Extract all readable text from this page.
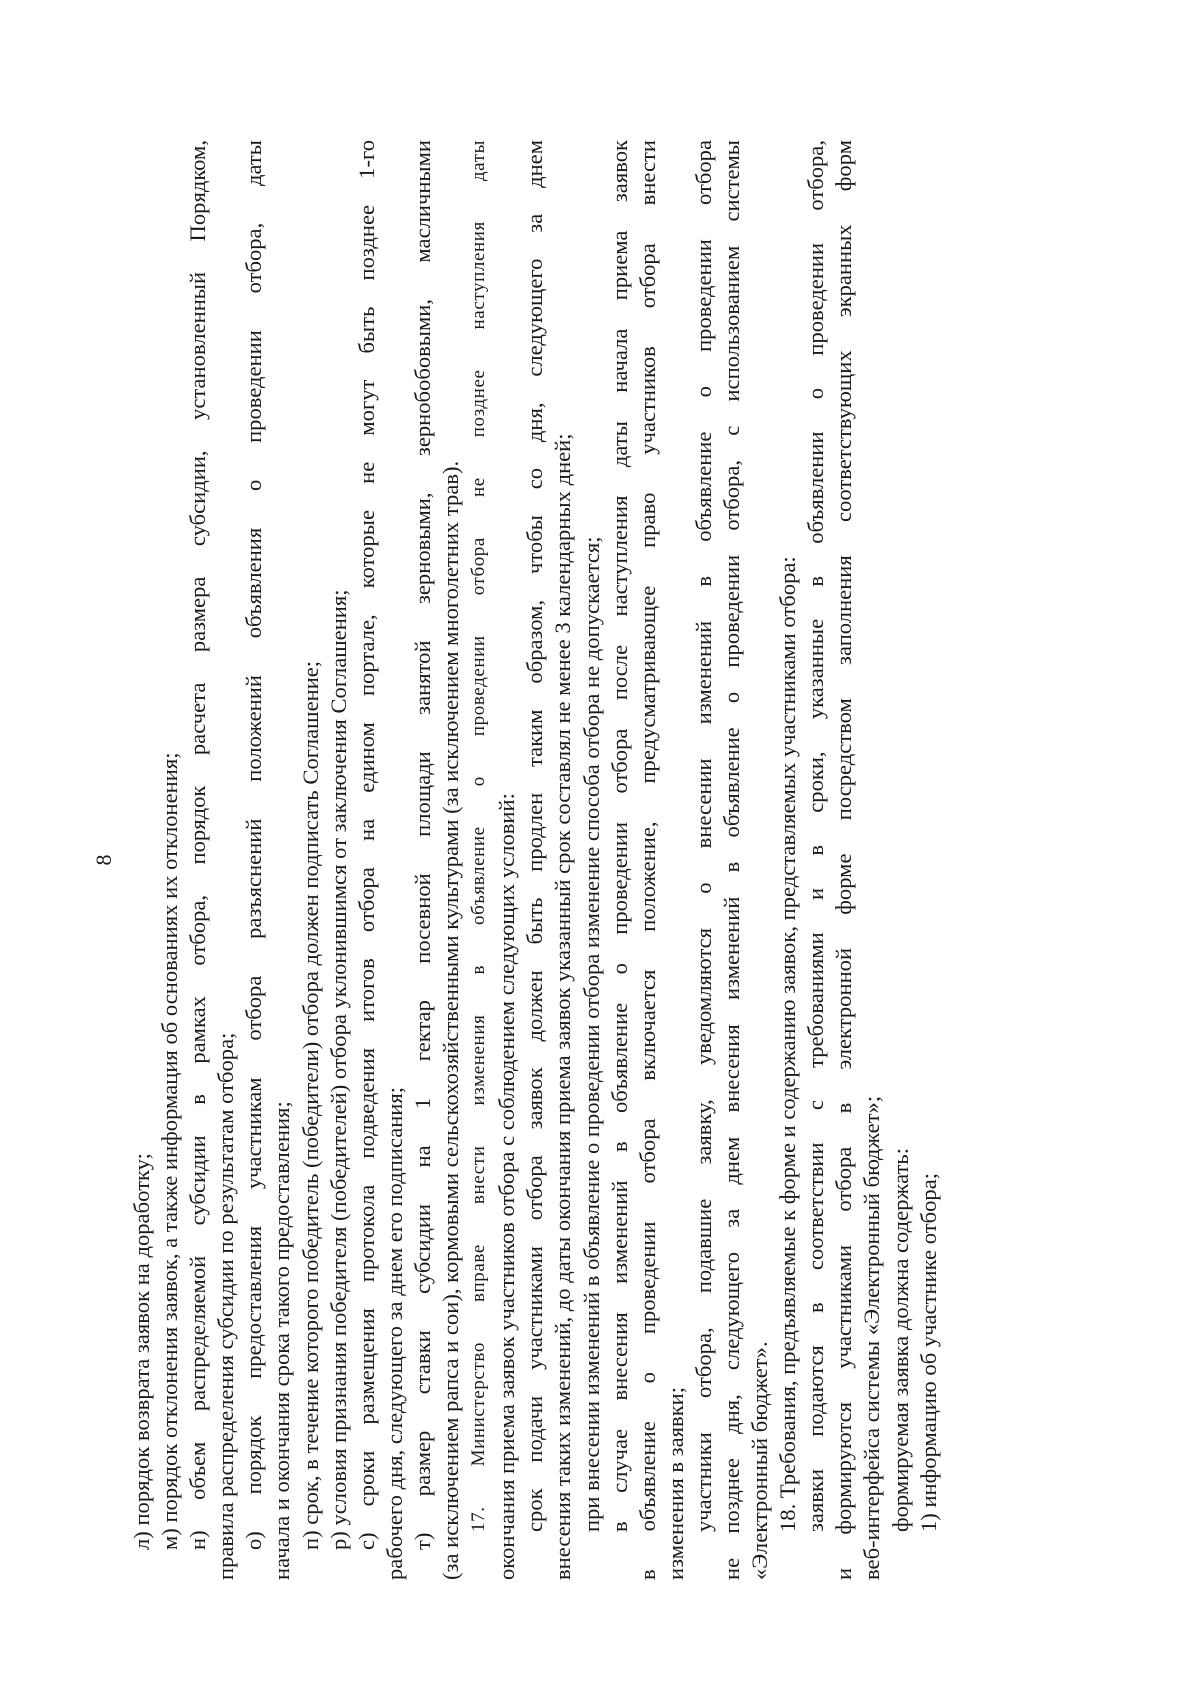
8
л) порядок возврата заявок на доработку; м) порядок отклонения заявок, а также информация об основаниях их отклонения; н) объем распределяемой субсидии в рамках отбора, порядок расчета размера субсидии, установленный Порядком, правила распределения субсидии по результатам отбора; о) порядок предоставления участникам отбора разъяснений положений объявления о проведении отбора, даты начала и окончания срока такого предоставления; п) срок, в течение которого победитель (победители) отбора должен подписать Соглашение; р) условия признания победителя (победителей) отбора уклонившимся от заключения Соглашения; с) сроки размещения протокола подведения итогов отбора на едином портале, которые не могут быть позднее 1-го рабочего дня, следующего за днем его подписания; т) размер ставки субсидии на 1 гектар посевной площади занятой зерновыми, зернобобовыми, масличными (за исключением рапса и сои), кормовыми сельскохозяйственными культурами (за исключением многолетних трав). 17. Министерство вправе внести изменения в объявление о проведении отбора не позднее наступления даты окончания приема заявок участников отбора с соблюдением следующих условий: срок подачи участниками отбора заявок должен быть продлен таким образом, чтобы со дня, следующего за днем внесения таких изменений, до даты окончания приема заявок указанный срок составлял не менее 3 календарных дней; при внесении изменений в объявление о проведении отбора изменение способа отбора не допускается; в случае внесения изменений в объявление о проведении отбора после наступления даты начала приема заявок в объявление о проведении отбора включается положение, предусматривающее право участников отбора внести изменения в заявки; участники отбора, подавшие заявку, уведомляются о внесении изменений в объявление о проведении отбора не позднее дня, следующего за днем внесения изменений в объявление о проведении отбора, с использованием системы «Электронный бюджет». 18. Требования, предъявляемые к форме и содержанию заявок, представляемых участниками отбора: заявки подаются в соответствии с требованиями и в сроки, указанные в объявлении о проведении отбора, и формируются участниками отбора в электронной форме посредством заполнения соответствующих экранных форм веб-интерфейса системы «Электронный бюджет»; формируемая заявка должна содержать: 1) информацию об участнике отбора;
